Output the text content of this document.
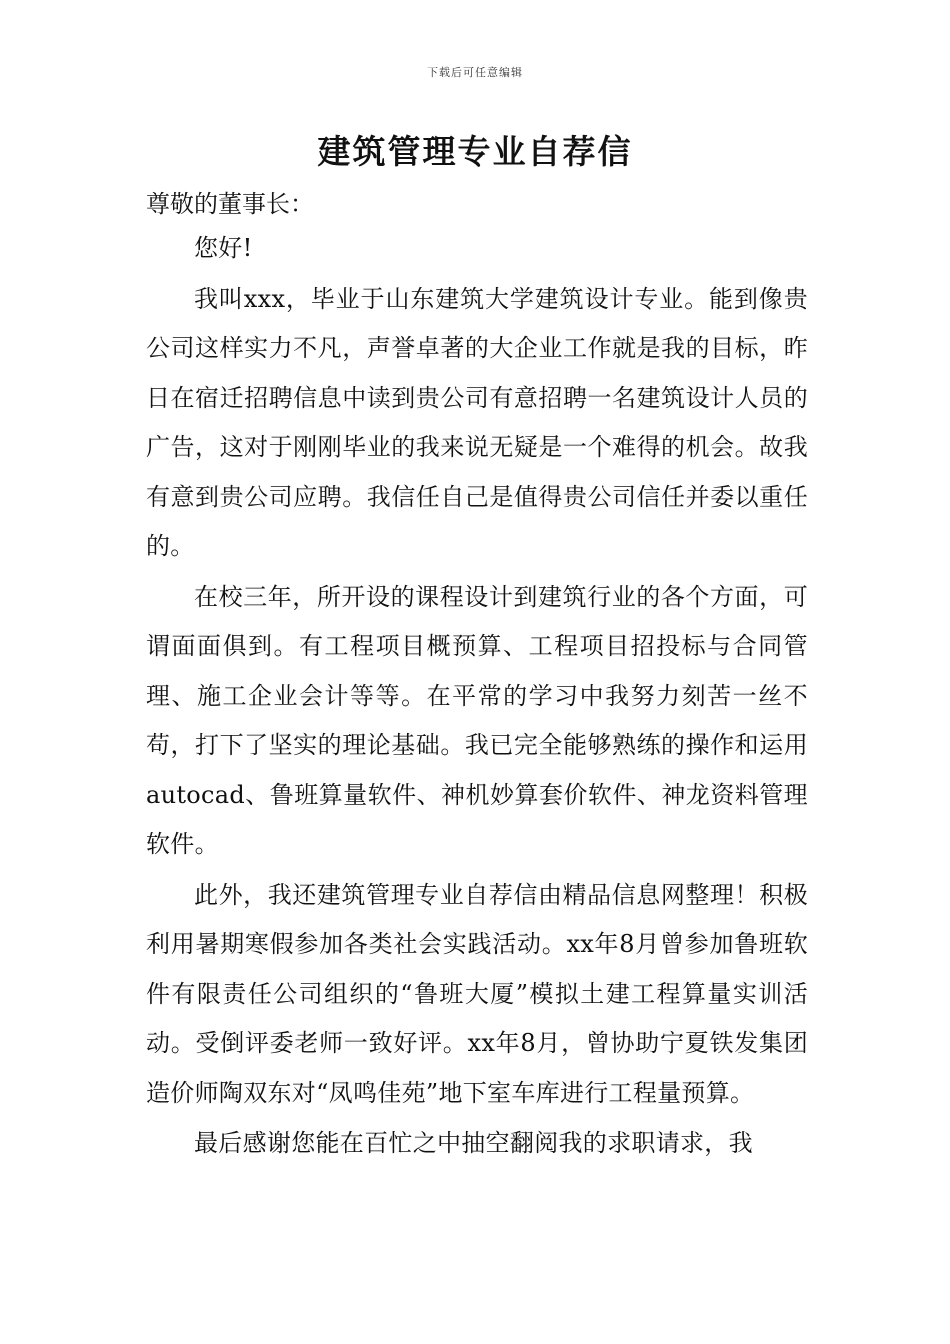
下载后可任意编辑
建筑管理专业自荐信

尊敬的董事长：

您好!

我叫xxx，毕业于山东建筑大学建筑设计专业。能到像贵公司这样实力不凡，声誉卓著的大企业工作就是我的目标，昨日在宿迁招聘信息中读到贵公司有意招聘一名建筑设计人员的广告，这对于刚刚毕业的我来说无疑是一个难得的机会。故我有意到贵公司应聘。我信任自己是值得贵公司信任并委以重任的。

在校三年，所开设的课程设计到建筑行业的各个方面，可谓面面俱到。有工程项目概预算、工程项目招投标与合同管理、施工企业会计等等。在平常的学习中我努力刻苦一丝不苟，打下了坚实的理论基础。我已完全能够熟练的操作和运用autocad、鲁班算量软件、神机妙算套价软件、神龙资料管理软件。

此外，我还建筑管理专业自荐信由精品信息网整理！积极利用暑期寒假参加各类社会实践活动。xx年8月曾参加鲁班软件有限责任公司组织的“鲁班大厦”模拟土建工程算量实训活动。受倒评委老师一致好评。xx年8月，曾协助宁夏铁发集团造价师陶双东对“凤鸣佳苑”地下室车库进行工程量预算。

最后感谢您能在百忙之中抽空翻阅我的求职请求，我
